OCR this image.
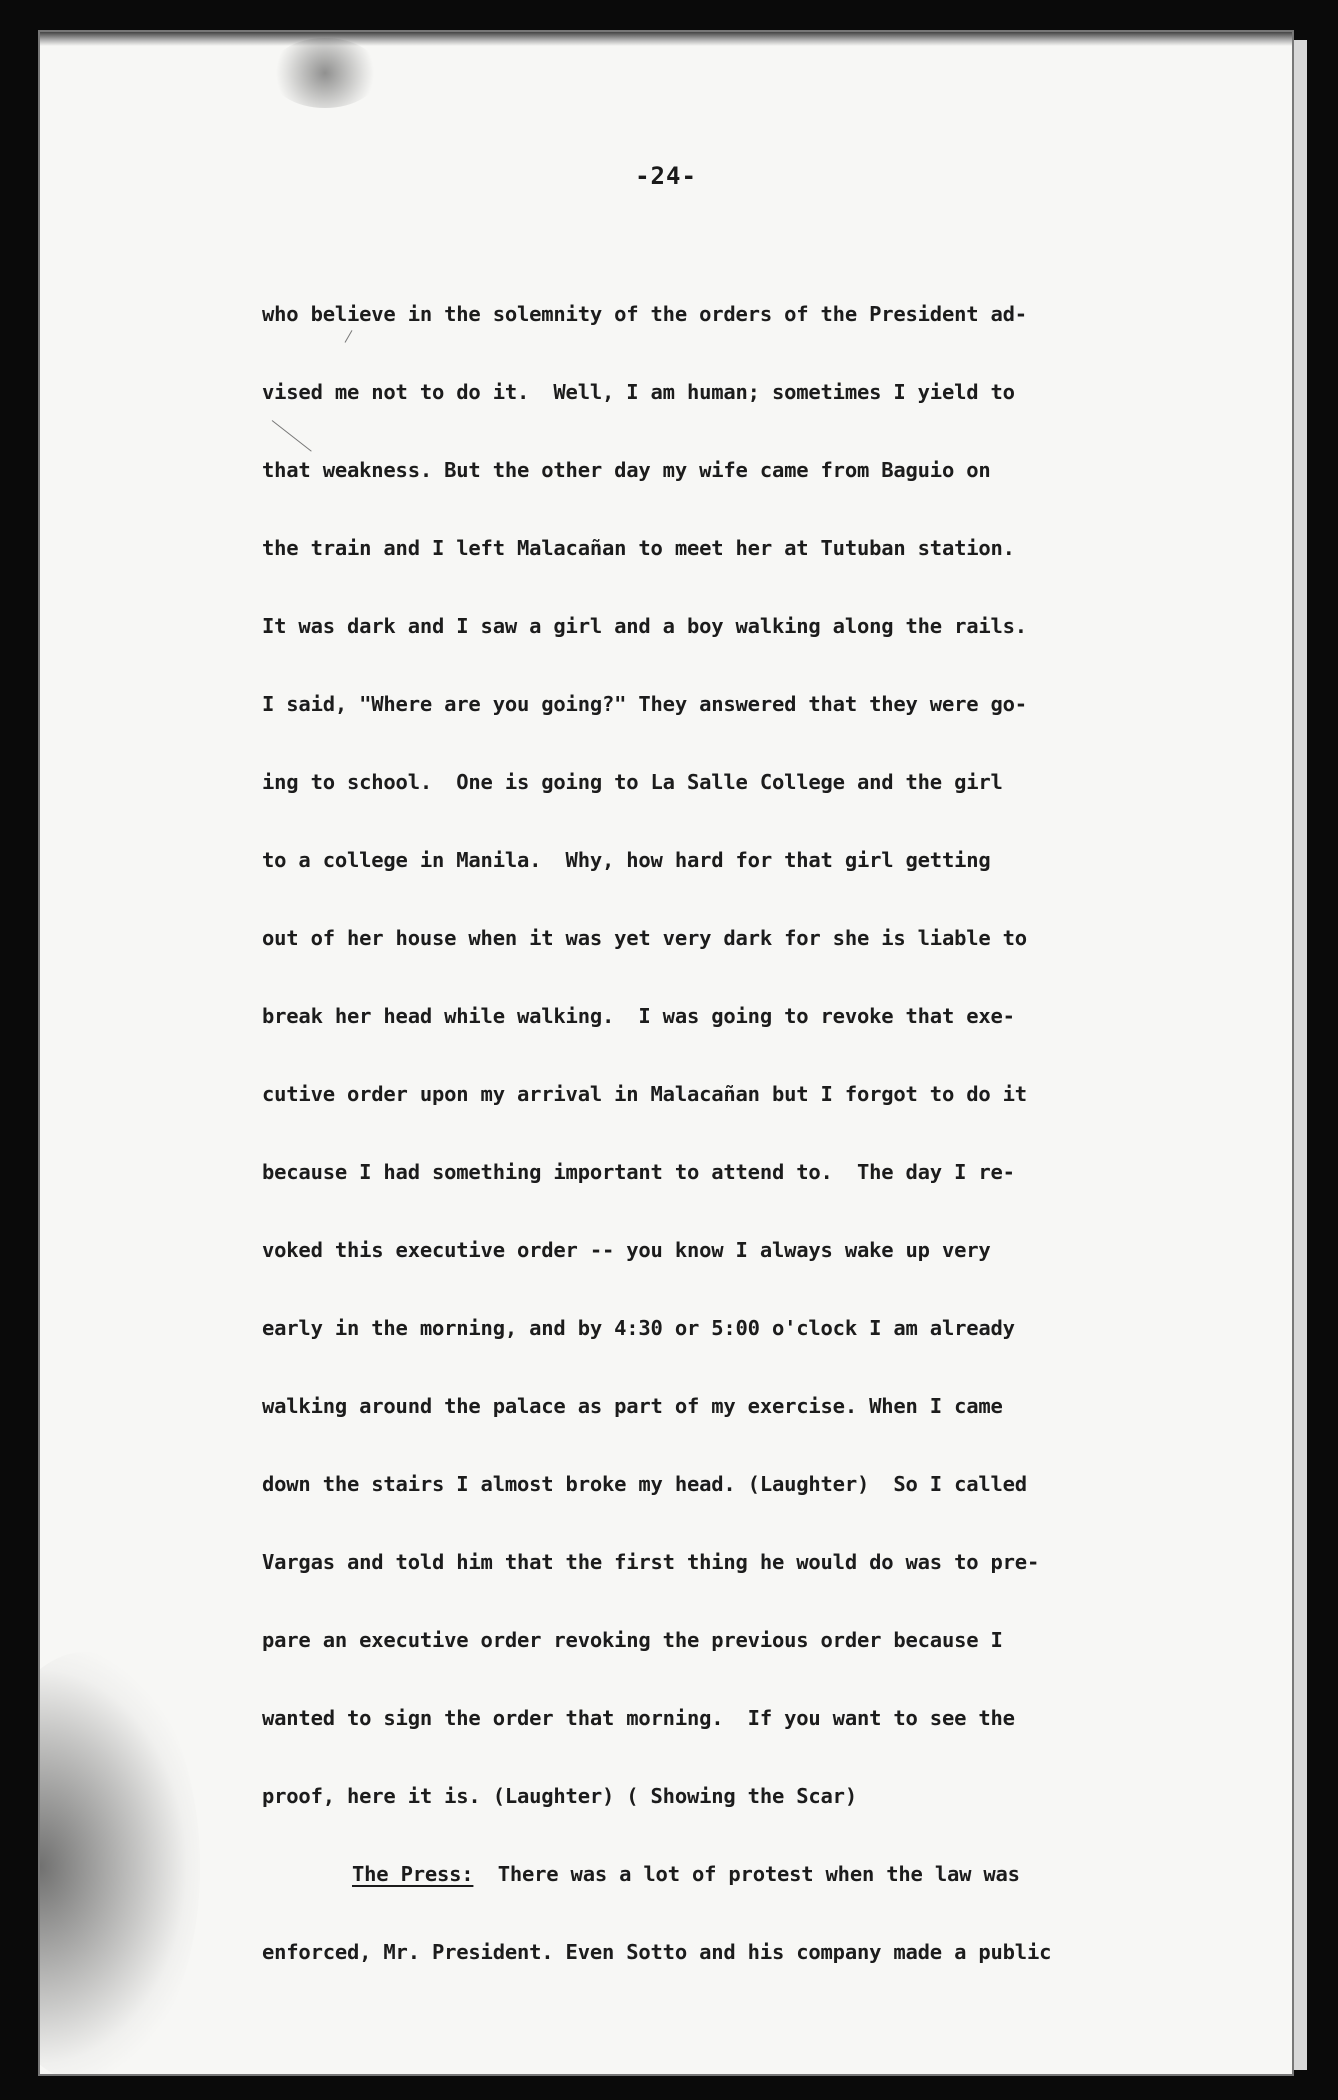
-24-
who believe in the solemnity of the orders of the President ad-
vised me not to do it.  Well, I am human; sometimes I yield to
that weakness. But the other day my wife came from Baguio on
the train and I left Malacañan to meet her at Tutuban station.
It was dark and I saw a girl and a boy walking along the rails.
I said, "Where are you going?" They answered that they were go-
ing to school.  One is going to La Salle College and the girl
to a college in Manila.  Why, how hard for that girl getting
out of her house when it was yet very dark for she is liable to
break her head while walking.  I was going to revoke that exe-
cutive order upon my arrival in Malacañan but I forgot to do it
because I had something important to attend to.  The day I re-
voked this executive order -- you know I always wake up very
early in the morning, and by 4:30 or 5:00 o'clock I am already
walking around the palace as part of my exercise. When I came
down the stairs I almost broke my head. (Laughter)  So I called
Vargas and told him that the first thing he would do was to pre-
pare an executive order revoking the previous order because I
wanted to sign the order that morning.  If you want to see the
proof, here it is. (Laughter) ( Showing the Scar)
The Press:  There was a lot of protest when the law was
enforced, Mr. President. Even Sotto and his company made a public
